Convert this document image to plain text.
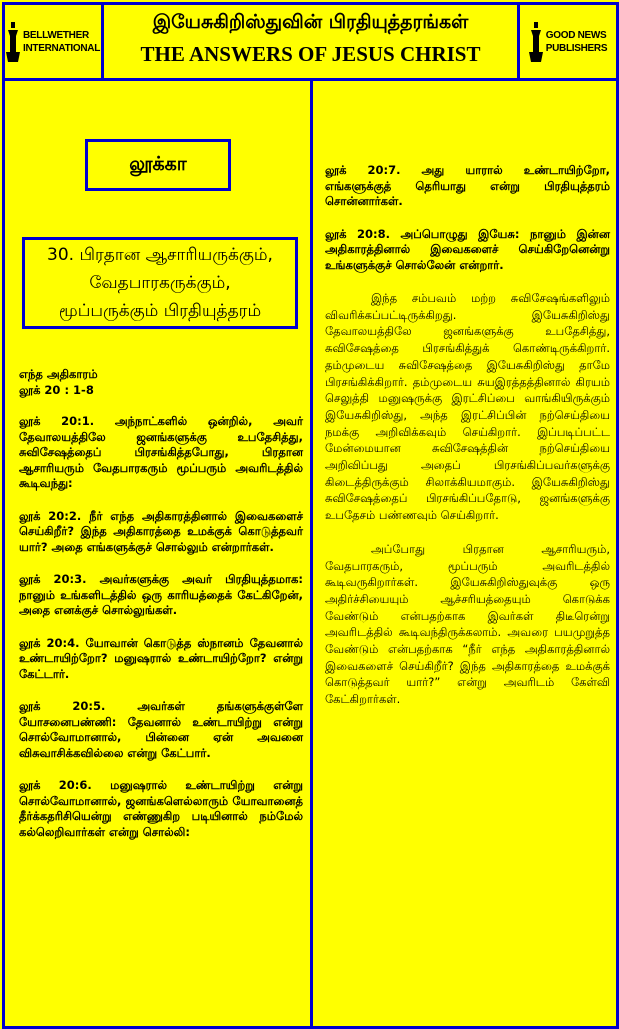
BELLWETHER
INTERNATIONAL
இயேசுகிறிஸ்துவின் பிரதியுத்தரங்கள்
THE ANSWERS OF JESUS CHRIST
GOOD NEWS
PUBLISHERS
லூக்கா
30. பிரதான ஆசாரியருக்கும்,
வேதபாரகருக்கும்,
மூப்பருக்கும் பிரதியுத்தரம்
எந்த அதிகாரம்
லூக் 20 : 1-8

லூக் 20:1. அந்நாட்களில் ஒன்றில், அவர் தேவாலயத்திலே ஜனங்களுக்கு உபதேசித்து, சுவிசேஷத்தைப் பிரசங்கித்தபோது, பிரதான ஆசாரியரும் வேதபாரகரும் மூப்பரும் அவரிடத்தில் கூடிவந்து:

லூக் 20:2. நீர் எந்த அதிகாரத்தினால் இவைகளைச் செய்கிறீர்? இந்த அதிகாரத்தை உமக்குக் கொடுத்தவர் யார்? அதை எங்களுக்குச் சொல்லும் என்றார்கள்.

லூக் 20:3. அவர்களுக்கு அவர் பிரதியுத்தமாக: நானும் உங்களிடத்தில் ஒரு காரியத்தைக் கேட்கிறேன், அதை எனக்குச் சொல்லுங்கள்.

லூக் 20:4. யோவான் கொடுத்த ஸ்நானம் தேவனால் உண்டாயிற்றோ? மனுஷரால் உண்டாயிற்றோ? என்று கேட்டார்.

லூக் 20:5. அவர்கள் தங்களுக்குள்ளே யோசனைபண்ணி: தேவனால் உண்டாயிற்று என்று சொல்வோமானால், பின்னை ஏன் அவனை விசுவாசிக்கவில்லை என்று கேட்பார்.

லூக் 20:6. மனுஷரால் உண்டாயிற்று என்று சொல்வோமானால், ஜனங்களெல்லாரும் யோவானைத் தீர்க்கதரிசியென்று எண்ணுகிற படியினால் நம்மேல் கல்லெறிவார்கள் என்று சொல்லி:

லூக் 20:7. அது யாரால் உண்டாயிற்றோ, எங்களுக்குத் தெரியாது என்று பிரதியுத்தரம் சொன்னார்கள்.

லூக் 20:8. அப்பொழுது இயேசு: நானும் இன்ன அதிகாரத்தினால் இவைகளைச் செய்கிறேனென்று உங்களுக்குச் சொல்லேன் என்றார்.

இந்த சம்பவம் மற்ற சுவிசேஷங்களிலும் விவரிக்கப்பட்டிருக்கிறது. இயேசுகிறிஸ்து தேவாலயத்திலே ஜனங்களுக்கு உபதேசித்து, சுவிசேஷத்தை பிரசங்கித்துக் கொண்டிருக்கிறார். தம்முடைய சுவிசேஷத்தை இயேசுகிறிஸ்து தாமே பிரசங்கிக்கிறார். தம்முடைய சுயஇரத்தத்தினால் கிரயம் செலுத்தி மனுஷருக்கு இரட்சிப்பை வாங்கியிருக்கும் இயேசுகிறிஸ்து, அந்த இரட்சிப்பின் நற்செய்தியை நமக்கு அறிவிக்கவும் செய்கிறார். இப்படிப்பட்ட மேன்மையான சுவிசேஷத்தின் நற்செய்தியை அறிவிப்பது அதைப் பிரசங்கிப்பவர்களுக்கு கிடைத்திருக்கும் சிலாக்கியமாகும். இயேசுகிறிஸ்து சுவிசேஷத்தைப் பிரசங்கிப்பதோடு, ஜனங்களுக்கு உபதேசம் பண்ணவும் செய்கிறார்.

அப்போது பிரதான ஆசாரியரும், வேதபாரகரும், மூப்பரும் அவரிடத்தில் கூடிவருகிறார்கள். இயேசுகிறிஸ்துவுக்கு ஒரு அதிர்ச்சியையும் ஆச்சரியத்தையும் கொடுக்க வேண்டும் என்பதற்காக இவர்கள் திடீரென்று அவரிடத்தில் கூடிவந்திருக்கலாம். அவரை பயமுறுத்த வேண்டும் என்பதற்காக “நீர் எந்த அதிகாரத்தினால் இவைகளைச் செய்கிறீர்? இந்த அதிகாரத்தை உமக்குக் கொடுத்தவர் யார்?” என்று அவரிடம் கேள்வி கேட்கிறார்கள்.
